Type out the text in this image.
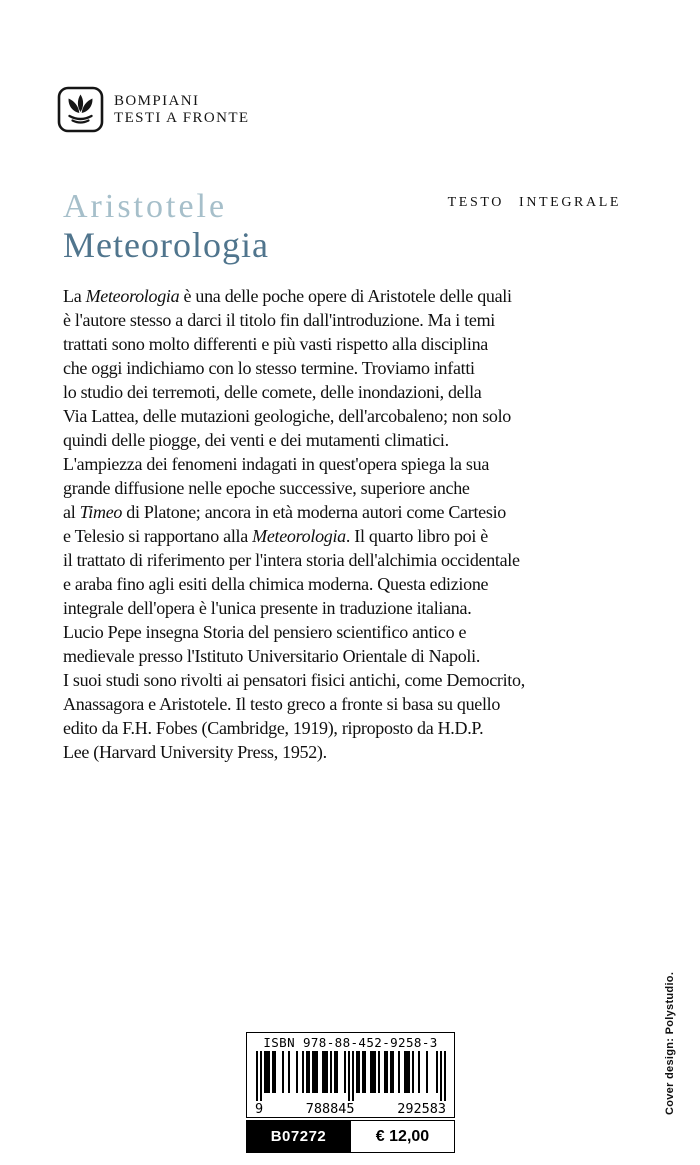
BOMPIANI
TESTI A FRONTE
Aristotele
Meteorologia
TESTO INTEGRALE
La Meteorologia è una delle poche opere di Aristotele delle quali
è l'autore stesso a darci il titolo fin dall'introduzione. Ma i temi
trattati sono molto differenti e più vasti rispetto alla disciplina
che oggi indichiamo con lo stesso termine. Troviamo infatti
lo studio dei terremoti, delle comete, delle inondazioni, della
Via Lattea, delle mutazioni geologiche, dell'arcobaleno; non solo
quindi delle piogge, dei venti e dei mutamenti climatici.
L'ampiezza dei fenomeni indagati in quest'opera spiega la sua
grande diffusione nelle epoche successive, superiore anche
al Timeo di Platone; ancora in età moderna autori come Cartesio
e Telesio si rapportano alla Meteorologia. Il quarto libro poi è
il trattato di riferimento per l'intera storia dell'alchimia occidentale
e araba fino agli esiti della chimica moderna. Questa edizione
integrale dell'opera è l'unica presente in traduzione italiana.
Lucio Pepe insegna Storia del pensiero scientifico antico e
medievale presso l'Istituto Universitario Orientale di Napoli.
I suoi studi sono rivolti ai pensatori fisici antichi, come Democrito,
Anassagora e Aristotele. Il testo greco a fronte si basa su quello
edito da F.H. Fobes (Cambridge, 1919), riproposto da H.D.P.
Lee (Harvard University Press, 1952).
Cover design: Polystudio.
ISBN 978-88-452-9258-3
9	788845	292583
B07272	€ 12,00
